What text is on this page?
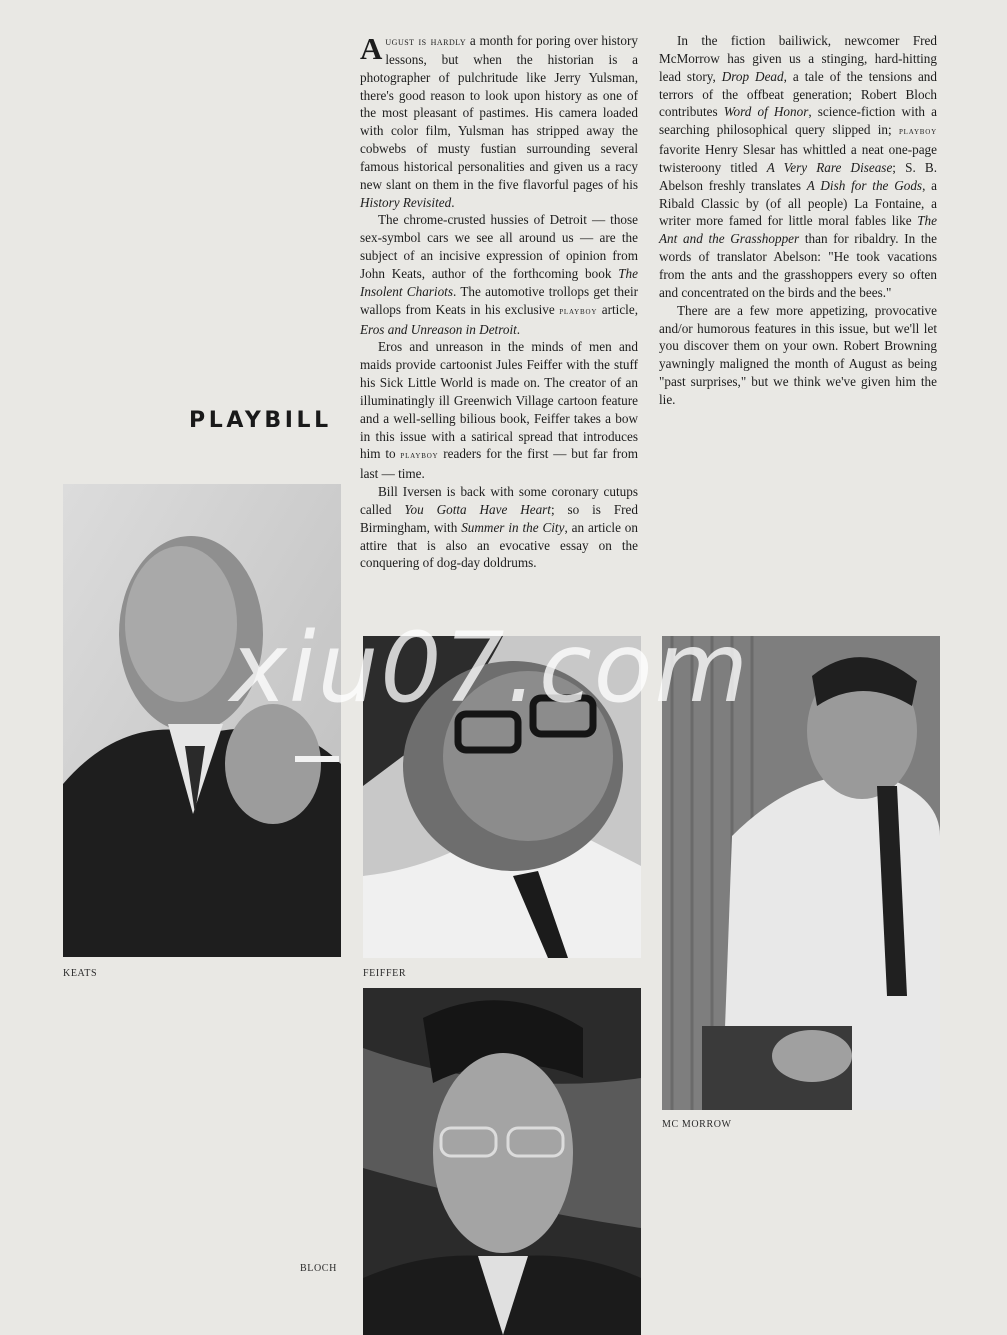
August is hardly a month for poring over history lessons, but when the historian is a photographer of pulchritude like Jerry Yulsman, there's good reason to look upon history as one of the most pleasant of pastimes. His camera loaded with color film, Yulsman has stripped away the cobwebs of musty fustian surrounding several famous historical personalities and given us a racy new slant on them in the five flavorful pages of his History Revisited.

The chrome-crusted hussies of Detroit — those sex-symbol cars we see all around us — are the subject of an incisive expression of opinion from John Keats, author of the forthcoming book The Insolent Chariots. The automotive trollops get their wallops from Keats in his exclusive playboy article, Eros and Unreason in Detroit.

Eros and unreason in the minds of men and maids provide cartoonist Jules Feiffer with the stuff his Sick Little World is made on. The creator of an illuminatingly ill Greenwich Village cartoon feature and a well-selling bilious book, Feiffer takes a bow in this issue with a satirical spread that introduces him to playboy readers for the first — but far from last — time.

Bill Iversen is back with some coronary cutups called You Gotta Have Heart; so is Fred Birmingham, with Summer in the City, an article on attire that is also an evocative essay on the conquering of dog-day doldrums.

In the fiction bailiwick, newcomer Fred McMorrow has given us a stinging, hard-hitting lead story, Drop Dead, a tale of the tensions and terrors of the offbeat generation; Robert Bloch contributes Word of Honor, science-fiction with a searching philosophical query slipped in; playboy favorite Henry Slesar has whittled a neat one-page twisteroony titled A Very Rare Disease; S. B. Abelson freshly translates A Dish for the Gods, a Ribald Classic by (of all people) La Fontaine, a writer more famed for little moral fables like The Ant and the Grasshopper than for ribaldry. In the words of translator Abelson: "He took vacations from the ants and the grasshoppers every so often and concentrated on the birds and the bees."

There are a few more appetizing, provocative and/or humorous features in this issue, but we'll let you discover them on your own. Robert Browning yawningly maligned the month of August as being "past surprises," but we think we've given him the lie.

PLAYBILL
KEATS	FEIFFER
MC MORROW
BLOCH
xiu07.com
